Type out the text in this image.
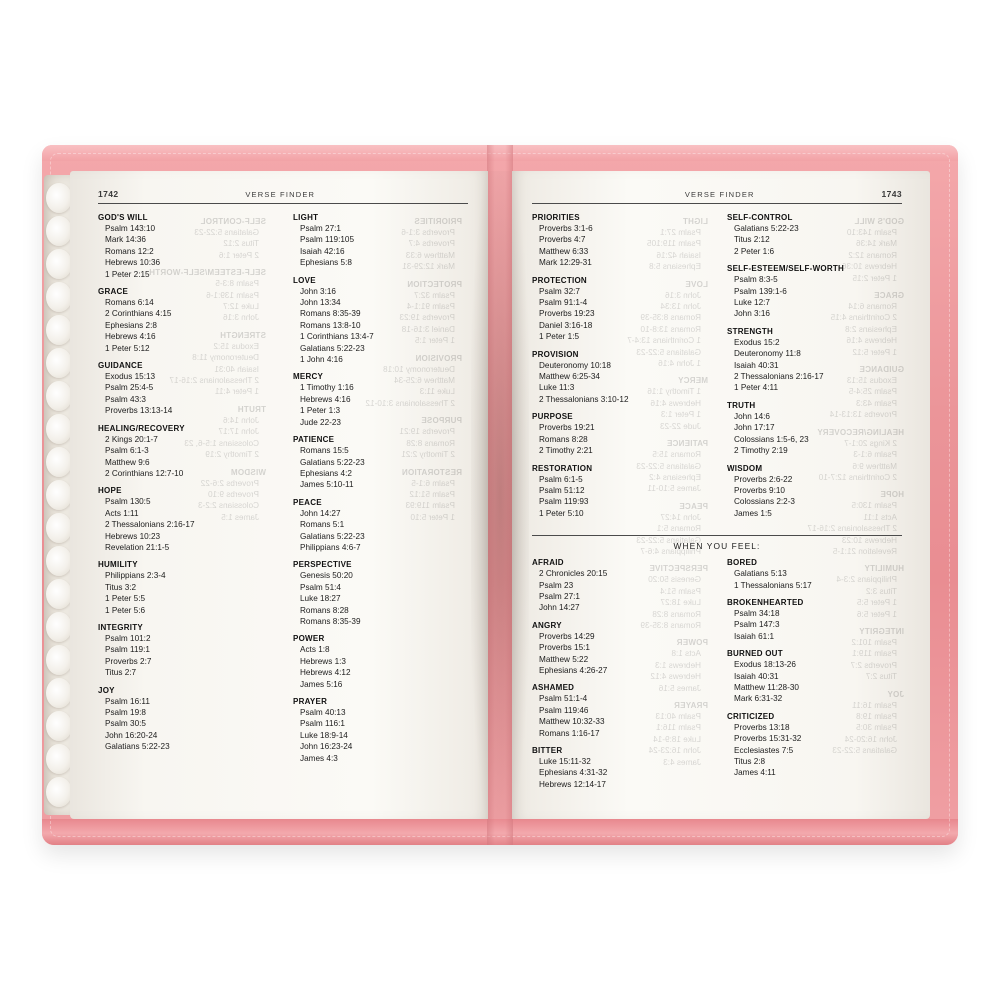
PRIORITIES
Proverbs 3:1-6
Proverbs 4:7
Matthew 6:33
Mark 12:29-31
PROTECTION
Psalm 32:7
Psalm 91:1-4
Proverbs 19:23
Daniel 3:16-18
1 Peter 1:5
PROVISION
Deuteronomy 10:18
Matthew 6:25-34
Luke 11:3
2 Thessalonians 3:10-12
PURPOSE
Proverbs 19:21
Romans 8:28
2 Timothy 2:21
RESTORATION
Psalm 6:1-5
Psalm 51:12
Psalm 119:93
1 Peter 5:10
SELF-CONTROL
Galatians 5:22-23
Titus 2:12
2 Peter 1:6
SELF-ESTEEM/SELF-WORTH
Psalm 8:3-5
Psalm 139:1-6
Luke 12:7
John 3:16
STRENGTH
Exodus 15:2
Deuteronomy 11:8
Isaiah 40:31
2 Thessalonians 2:16-17
1 Peter 4:11
TRUTH
John 14:6
John 17:17
Colossians 1:5-6, 23
2 Timothy 2:19
WISDOM
Proverbs 2:6-22
Proverbs 9:10
Colossians 2:2-3
James 1:5
1742	VERSE FINDER
GOD'S WILL
Psalm 143:10
Mark 14:36
Romans 12:2
Hebrews 10:36
1 Peter 2:15
GRACE
Romans 6:14
2 Corinthians 4:15
Ephesians 2:8
Hebrews 4:16
1 Peter 5:12
GUIDANCE
Exodus 15:13
Psalm 25:4-5
Psalm 43:3
Proverbs 13:13-14
HEALING/RECOVERY
2 Kings 20:1-7
Psalm 6:1-3
Matthew 9:6
2 Corinthians 12:7-10
HOPE
Psalm 130:5
Acts 1:11
2 Thessalonians 2:16-17
Hebrews 10:23
Revelation 21:1-5
HUMILITY
Philippians 2:3-4
Titus 3:2
1 Peter 5:5
1 Peter 5:6
INTEGRITY
Psalm 101:2
Psalm 119:1
Proverbs 2:7
Titus 2:7
JOY
Psalm 16:11
Psalm 19:8
Psalm 30:5
John 16:20-24
Galatians 5:22-23
LIGHT
Psalm 27:1
Psalm 119:105
Isaiah 42:16
Ephesians 5:8
LOVE
John 3:16
John 13:34
Romans 8:35-39
Romans 13:8-10
1 Corinthians 13:4-7
Galatians 5:22-23
1 John 4:16
MERCY
1 Timothy 1:16
Hebrews 4:16
1 Peter 1:3
Jude 22-23
PATIENCE
Romans 15:5
Galatians 5:22-23
Ephesians 4:2
James 5:10-11
PEACE
John 14:27
Romans 5:1
Galatians 5:22-23
Philippians 4:6-7
PERSPECTIVE
Genesis 50:20
Psalm 51:4
Luke 18:27
Romans 8:28
Romans 8:35-39
POWER
Acts 1:8
Hebrews 1:3
Hebrews 4:12
James 5:16
PRAYER
Psalm 40:13
Psalm 116:1
Luke 18:9-14
John 16:23-24
James 4:3
GOD'S WILL
Psalm 143:10
Mark 14:36
Romans 12:2
Hebrews 10:36
1 Peter 2:15
GRACE
Romans 6:14
2 Corinthians 4:15
Ephesians 2:8
Hebrews 4:16
1 Peter 5:12
GUIDANCE
Exodus 15:13
Psalm 25:4-5
Psalm 43:3
Proverbs 13:13-14
HEALING/RECOVERY
2 Kings 20:1-7
Psalm 6:1-3
Matthew 9:6
2 Corinthians 12:7-10
HOPE
Psalm 130:5
Acts 1:11
2 Thessalonians 2:16-17
Hebrews 10:23
Revelation 21:1-5
HUMILITY
Philippians 2:3-4
Titus 3:2
1 Peter 5:5
1 Peter 5:6
INTEGRITY
Psalm 101:2
Psalm 119:1
Proverbs 2:7
Titus 2:7
JOY
Psalm 16:11
Psalm 19:8
Psalm 30:5
John 16:20-24
Galatians 5:22-23
LIGHT
Psalm 27:1
Psalm 119:105
Isaiah 42:16
Ephesians 5:8
LOVE
John 3:16
John 13:34
Romans 8:35-39
Romans 13:8-10
1 Corinthians 13:4-7
Galatians 5:22-23
1 John 4:16
MERCY
1 Timothy 1:16
Hebrews 4:16
1 Peter 1:3
Jude 22-23
PATIENCE
Romans 15:5
Galatians 5:22-23
Ephesians 4:2
James 5:10-11
PEACE
John 14:27
Romans 5:1
Galatians 5:22-23
Philippians 4:6-7
PERSPECTIVE
Genesis 50:20
Psalm 51:4
Luke 18:27
Romans 8:28
Romans 8:35-39
POWER
Acts 1:8
Hebrews 1:3
Hebrews 4:12
James 5:16
PRAYER
Psalm 40:13
Psalm 116:1
Luke 18:9-14
John 16:23-24
James 4:3
VERSE FINDER	1743
PRIORITIES
Proverbs 3:1-6
Proverbs 4:7
Matthew 6:33
Mark 12:29-31
PROTECTION
Psalm 32:7
Psalm 91:1-4
Proverbs 19:23
Daniel 3:16-18
1 Peter 1:5
PROVISION
Deuteronomy 10:18
Matthew 6:25-34
Luke 11:3
2 Thessalonians 3:10-12
PURPOSE
Proverbs 19:21
Romans 8:28
2 Timothy 2:21
RESTORATION
Psalm 6:1-5
Psalm 51:12
Psalm 119:93
1 Peter 5:10
SELF-CONTROL
Galatians 5:22-23
Titus 2:12
2 Peter 1:6
SELF-ESTEEM/SELF-WORTH
Psalm 8:3-5
Psalm 139:1-6
Luke 12:7
John 3:16
STRENGTH
Exodus 15:2
Deuteronomy 11:8
Isaiah 40:31
2 Thessalonians 2:16-17
1 Peter 4:11
TRUTH
John 14:6
John 17:17
Colossians 1:5-6, 23
2 Timothy 2:19
WISDOM
Proverbs 2:6-22
Proverbs 9:10
Colossians 2:2-3
James 1:5
WHEN YOU FEEL:
AFRAID
2 Chronicles 20:15
Psalm 23
Psalm 27:1
John 14:27
ANGRY
Proverbs 14:29
Proverbs 15:1
Matthew 5:22
Ephesians 4:26-27
ASHAMED
Psalm 51:1-4
Psalm 119:46
Matthew 10:32-33
Romans 1:16-17
BITTER
Luke 15:11-32
Ephesians 4:31-32
Hebrews 12:14-17
BORED
Galatians 5:13
1 Thessalonians 5:17
BROKENHEARTED
Psalm 34:18
Psalm 147:3
Isaiah 61:1
BURNED OUT
Exodus 18:13-26
Isaiah 40:31
Matthew 11:28-30
Mark 6:31-32
CRITICIZED
Proverbs 13:18
Proverbs 15:31-32
Ecclesiastes 7:5
Titus 2:8
James 4:11
